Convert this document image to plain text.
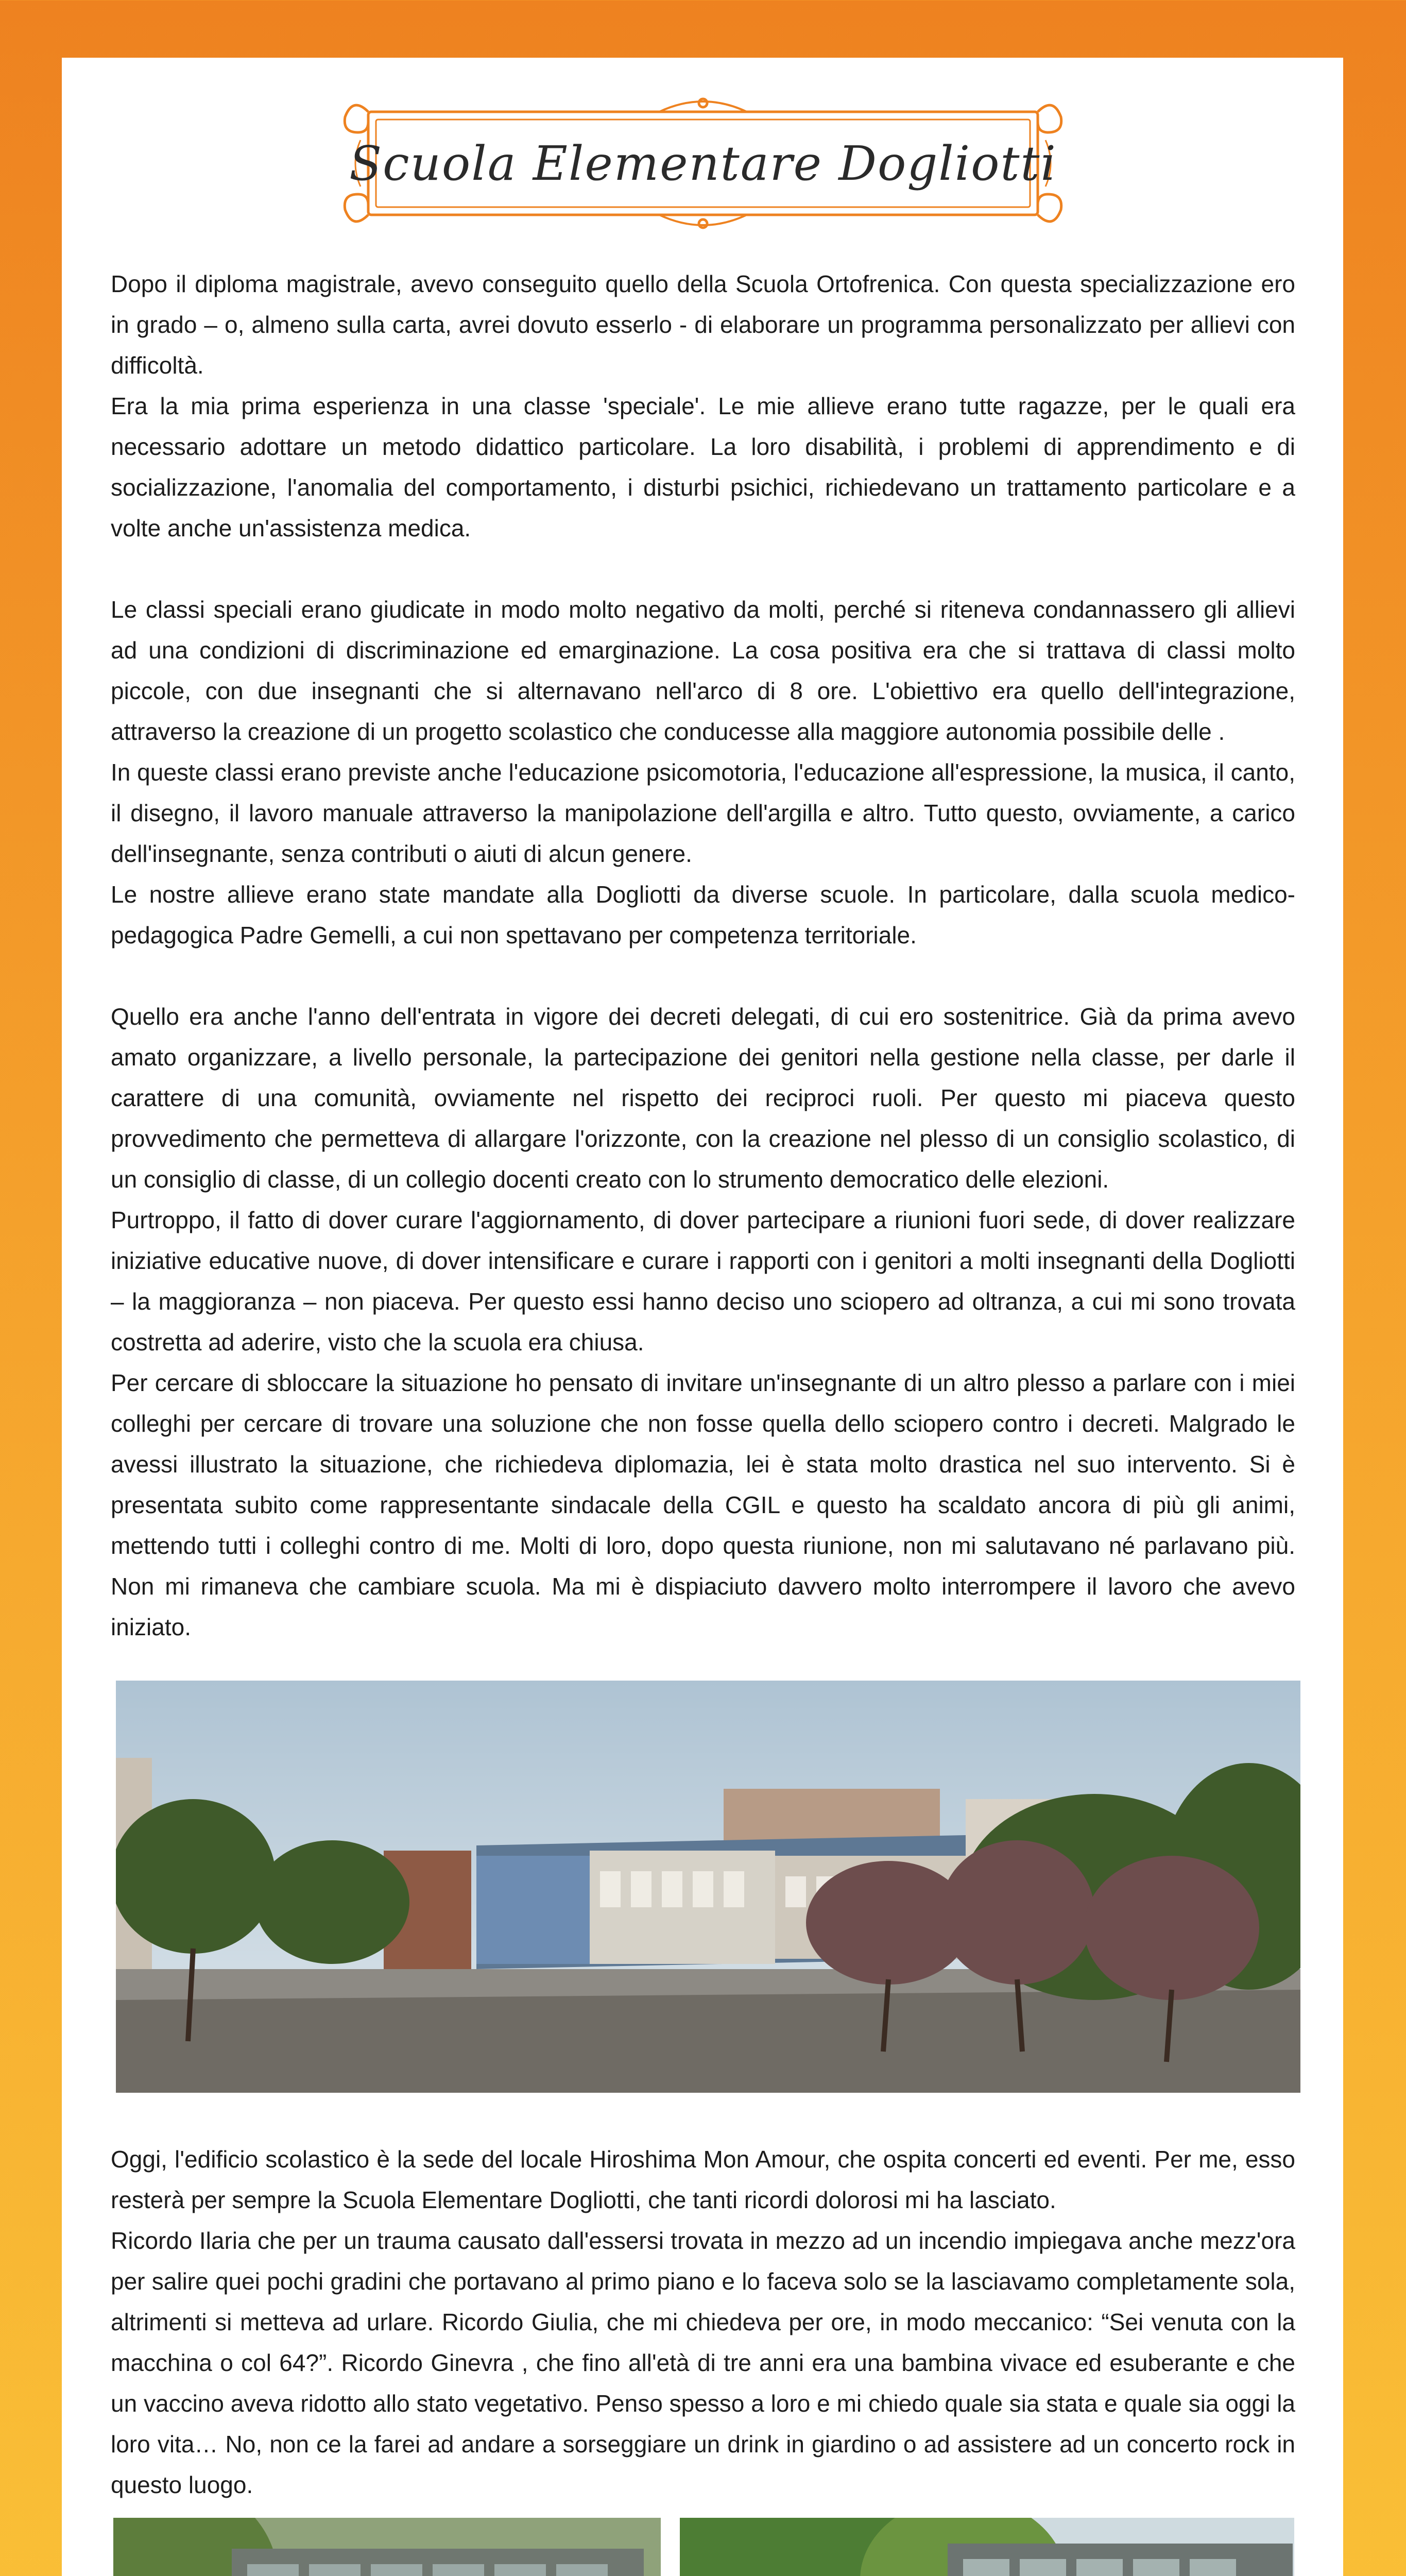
Scuola Elementare Dogliotti

Dopo il diploma magistrale, avevo conseguito quello della Scuola Ortofrenica. Con questa specializzazione ero in grado – o, almeno sulla carta, avrei dovuto esserlo - di elaborare un programma personalizzato per allievi con difficoltà.

Era la mia prima esperienza in una classe 'speciale'. Le mie allieve erano tutte ragazze, per le quali era necessario adottare un metodo didattico particolare. La loro disabilità, i problemi di apprendimento e di socializzazione, l'anomalia del comportamento, i disturbi psichici, richiedevano un trattamento particolare e a volte anche un'assistenza medica.

Le classi speciali erano giudicate in modo molto negativo da molti, perché si riteneva condannassero gli allievi ad una condizioni di discriminazione ed emarginazione. La cosa positiva era che si trattava di classi molto piccole, con due insegnanti che si alternavano nell'arco di 8 ore. L'obiettivo era quello dell'integrazione, attraverso la creazione di un progetto scolastico che conducesse alla maggiore autonomia possibile delle .

In queste classi erano previste anche l'educazione psicomotoria, l'educazione all'espressione, la musica, il canto, il disegno, il lavoro manuale attraverso la manipolazione dell'argilla e altro. Tutto questo, ovviamente, a carico dell'insegnante, senza contributi o aiuti di alcun genere.

Le nostre allieve erano state mandate alla Dogliotti da diverse scuole. In particolare, dalla scuola medico-pedagogica Padre Gemelli, a cui non spettavano per competenza territoriale.

Quello era anche l'anno dell'entrata in vigore dei decreti delegati, di cui ero sostenitrice. Già da prima avevo amato organizzare, a livello personale, la partecipazione dei genitori nella gestione nella classe, per darle il carattere di una comunità, ovviamente nel rispetto dei reciproci ruoli. Per questo mi piaceva questo provvedimento che permetteva di allargare l'orizzonte, con la creazione nel plesso di un consiglio scolastico, di un consiglio di classe, di un collegio docenti creato con lo strumento democratico delle elezioni.

Purtroppo, il fatto di dover curare l'aggiornamento, di dover partecipare a riunioni fuori sede, di dover realizzare iniziative educative nuove, di dover intensificare e curare i rapporti con i genitori a molti insegnanti della Dogliotti – la maggioranza – non piaceva. Per questo essi hanno deciso uno sciopero ad oltranza, a cui mi sono trovata costretta ad aderire, visto che la scuola era chiusa.

Per cercare di sbloccare la situazione ho pensato di invitare un'insegnante di un altro plesso a parlare con i miei colleghi per cercare di trovare una soluzione che non fosse quella dello sciopero contro i decreti. Malgrado le avessi illustrato la situazione, che richiedeva diplomazia, lei è stata molto drastica nel suo intervento. Si è presentata subito come rappresentante sindacale della CGIL e questo ha scaldato ancora di più gli animi, mettendo tutti i colleghi contro di me. Molti di loro, dopo questa riunione, non mi salutavano né parlavano più. Non mi rimaneva che cambiare scuola. Ma mi è dispiaciuto davvero molto interrompere il lavoro che avevo iniziato.

Oggi, l'edificio scolastico è la sede del locale Hiroshima Mon Amour, che ospita concerti ed eventi. Per me, esso resterà per sempre la Scuola Elementare Dogliotti, che tanti ricordi dolorosi mi ha lasciato.

Ricordo Ilaria che per un trauma causato dall'essersi trovata in mezzo ad un incendio impiegava anche mezz'ora per salire quei pochi gradini che portavano al primo piano e lo faceva solo se la lasciavamo completamente sola, altrimenti si metteva ad urlare. Ricordo Giulia, che mi chiedeva per ore, in modo meccanico: “Sei venuta con la macchina o col 64?”. Ricordo Ginevra , che fino all'età di tre anni era una bambina vivace ed esuberante e che un vaccino aveva ridotto allo stato vegetativo. Penso spesso a loro e mi chiedo quale sia stata e quale sia oggi la loro vita… No, non ce la farei ad andare a sorseggiare un drink in giardino o ad assistere ad un concerto rock in questo luogo.
